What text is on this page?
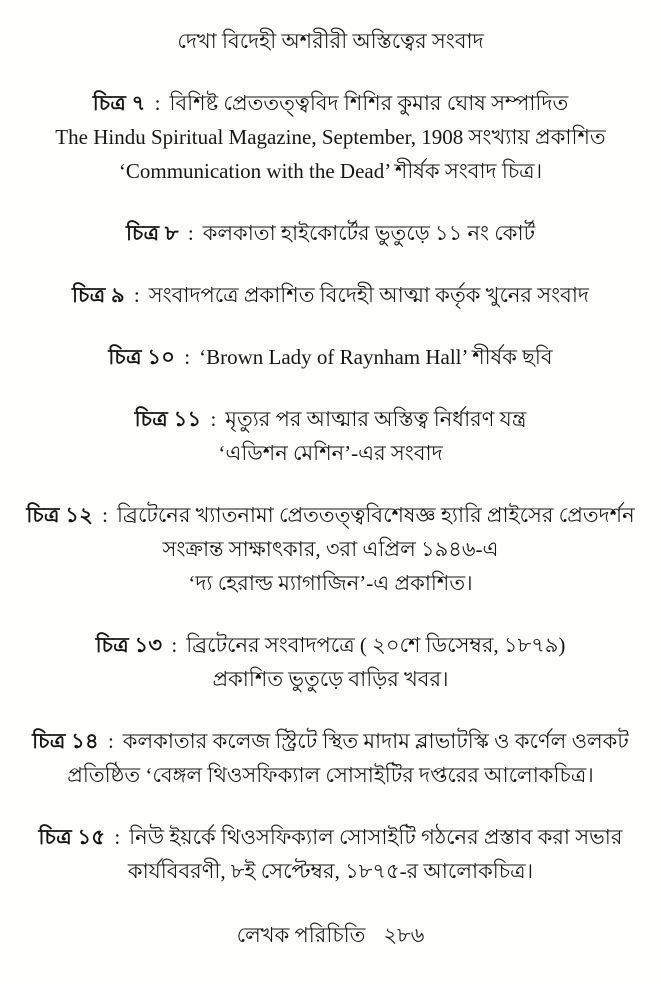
দেখা বিদেহী অশরীরী অস্তিত্বের সংবাদ

চিত্র ৭ : বিশিষ্ট প্রেততত্ত্ববিদ শিশির কুমার ঘোষ সম্পাদিত

The Hindu Spiritual Magazine, September, 1908 সংখ্যায় প্রকাশিত

‘Communication with the Dead’ শীর্ষক সংবাদ চিত্র।

চিত্র ৮ : কলকাতা হাইকোর্টের ভুতুড়ে ১১ নং কোর্ট

চিত্র ৯ : সংবাদপত্রে প্রকাশিত বিদেহী আত্মা কর্তৃক খুনের সংবাদ

চিত্র ১০ : ‘Brown Lady of Raynham Hall’ শীর্ষক ছবি

চিত্র ১১ : মৃত্যুর পর আত্মার অস্তিত্ব নির্ধারণ যন্ত্র

‘এডিশন মেশিন’-এর সংবাদ

চিত্র ১২ : ব্রিটেনের খ্যাতনামা প্রেততত্ত্ববিশেষজ্ঞ হ্যারি প্রাইসের প্রেতদর্শন

সংক্রান্ত সাক্ষাৎকার, ৩রা এপ্রিল ১৯৪৬-এ

‘দ্য হেরাল্ড ম্যাগাজিন’-এ প্রকাশিত।

চিত্র ১৩ : ব্রিটেনের সংবাদপত্রে ( ২০শে ডিসেম্বর, ১৮৭৯)

প্রকাশিত ভুতুড়ে বাড়ির খবর।

চিত্র ১৪ : কলকাতার কলেজ স্ট্রিটে স্থিত মাদাম ব্লাভাটস্কি ও কর্ণেল ওলকট

প্রতিষ্ঠিত ‘বেঙ্গল থিওসফিক্যাল সোসাইটির দপ্তরের আলোকচিত্র।

চিত্র ১৫ : নিউ ইয়র্কে থিওসফিক্যাল সোসাইটি গঠনের প্রস্তাব করা সভার

কার্যবিবরণী, ৮ই সেপ্টেম্বর, ১৮৭৫-র আলোকচিত্র।

লেখক পরিচিতি ২৮৬
